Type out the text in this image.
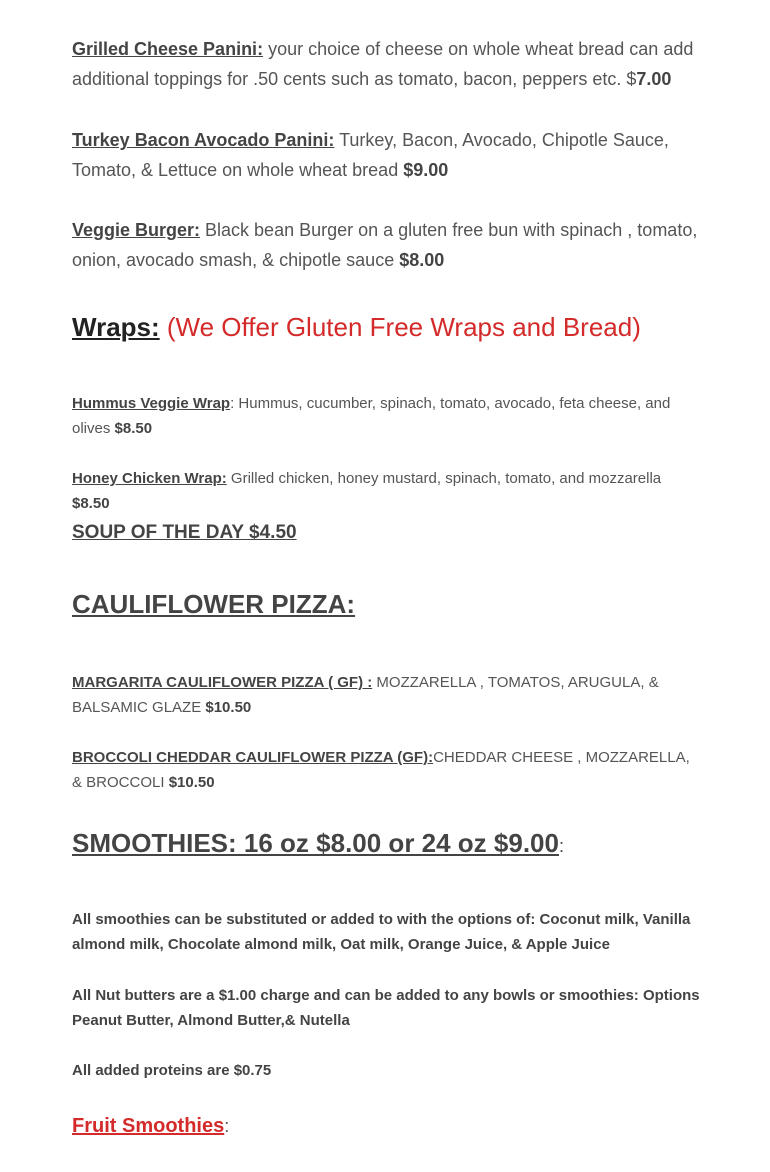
Grilled Cheese Panini: your choice of cheese on whole wheat bread can add additional toppings for .50 cents such as tomato, bacon, peppers etc. $7.00
Turkey Bacon Avocado Panini: Turkey, Bacon, Avocado, Chipotle Sauce, Tomato, & Lettuce on whole wheat bread $9.00
Veggie Burger: Black bean Burger on a gluten free bun with spinach , tomato, onion, avocado smash, & chipotle sauce $8.00
Wraps: (We Offer Gluten Free Wraps and Bread)
Hummus Veggie Wrap: Hummus, cucumber, spinach, tomato, avocado, feta cheese, and olives $8.50
Honey Chicken Wrap: Grilled chicken, honey mustard, spinach, tomato, and mozzarella $8.50
SOUP OF THE DAY $4.50
CAULIFLOWER PIZZA:
MARGARITA CAULIFLOWER PIZZA ( GF) : MOZZARELLA , TOMATOS, ARUGULA, & BALSAMIC GLAZE $10.50
BROCCOLI CHEDDAR CAULIFLOWER PIZZA (GF):CHEDDAR CHEESE , MOZZARELLA, & BROCCOLI $10.50
SMOOTHIES: 16 oz $8.00 or 24 oz $9.00:
All smoothies can be substituted or added to with the options of: Coconut milk, Vanilla almond milk, Chocolate almond milk, Oat milk, Orange Juice, & Apple Juice
All Nut butters are a $1.00 charge and can be added to any bowls or smoothies: Options Peanut Butter, Almond Butter,& Nutella
All added proteins are $0.75
Fruit Smoothies:
